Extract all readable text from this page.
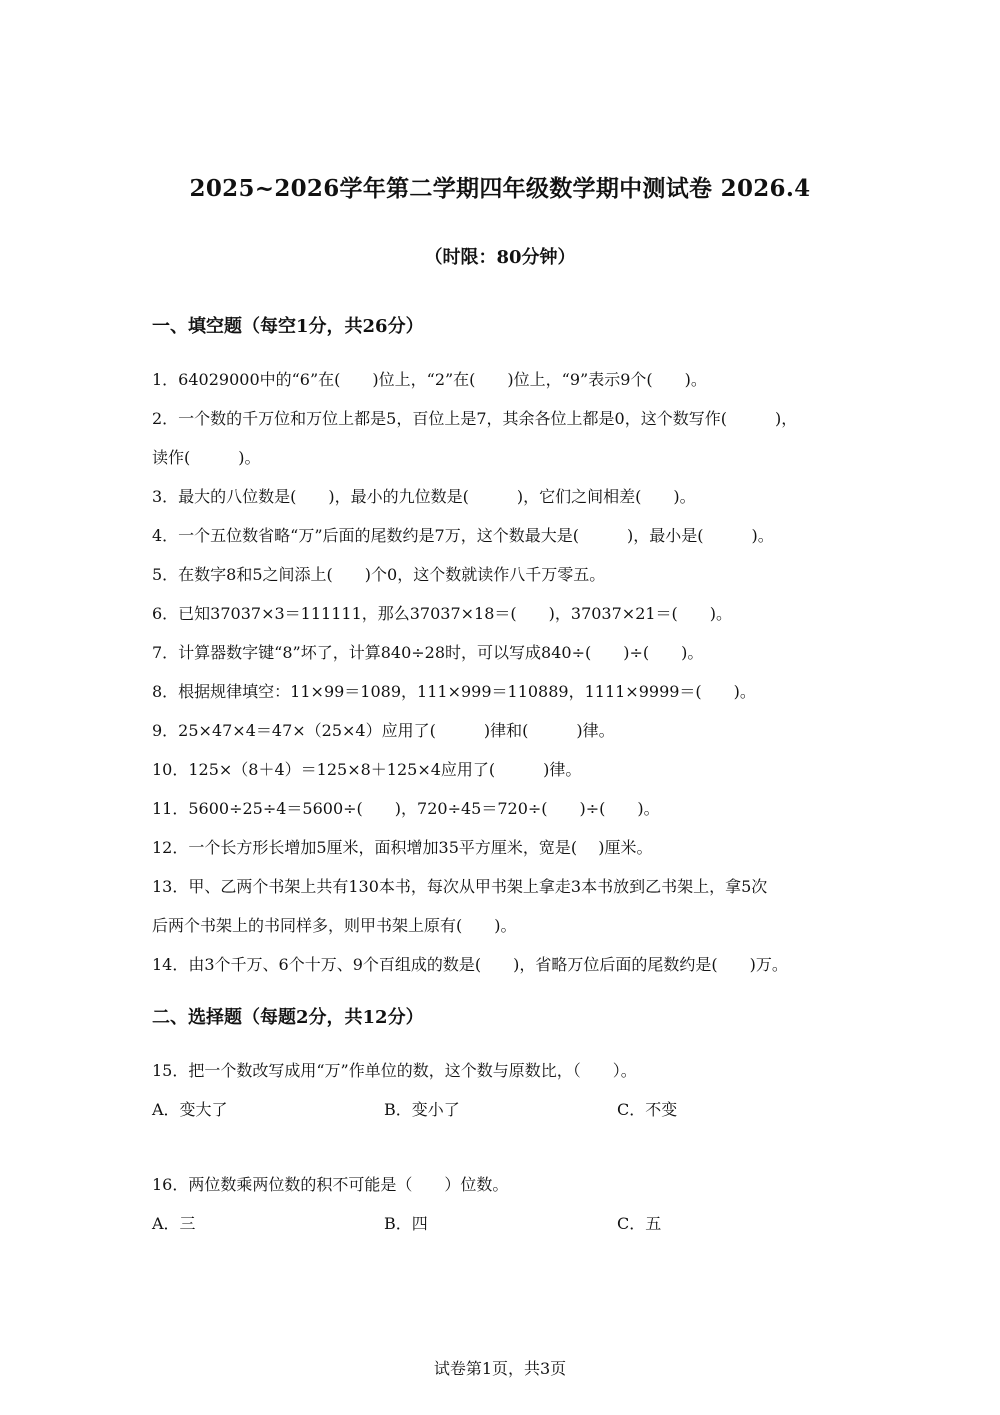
2025~2026学年第二学期四年级数学期中测试卷 2026.4
（时限：80分钟）
一、填空题（每空1分，共26分）
1．64029000中的“6”在(　　)位上，“2”在(　　)位上，“9”表示9个(　　)。
2．一个数的千万位和万位上都是5，百位上是7，其余各位上都是0，这个数写作(　　　)，
读作(　　　)。
3．最大的八位数是(　　)，最小的九位数是(　　　)，它们之间相差(　　)。
4．一个五位数省略“万”后面的尾数约是7万，这个数最大是(　　　)，最小是(　　　)。
5．在数字8和5之间添上(　　)个0，这个数就读作八千万零五。
6．已知37037×3＝111111，那么37037×18＝(　　)，37037×21＝(　　)。
7．计算器数字键“8”坏了，计算840÷28时，可以写成840÷(　　)÷(　　)。
8．根据规律填空：11×99＝1089，111×999＝110889，1111×9999＝(　　)。
9．25×47×4＝47×（25×4）应用了(　　　)律和(　　　)律。
10．125×（8＋4）＝125×8＋125×4应用了(　　　)律。
11．5600÷25÷4＝5600÷(　　)，720÷45＝720÷(　　)÷(　　)。
12．一个长方形长增加5厘米，面积增加35平方厘米，宽是(　 )厘米。
13．甲、乙两个书架上共有130本书，每次从甲书架上拿走3本书放到乙书架上，拿5次
后两个书架上的书同样多，则甲书架上原有(　　)。
14．由3个千万、6个十万、9个百组成的数是(　　)，省略万位后面的尾数约是(　　)万。
二、选择题（每题2分，共12分）
15．把一个数改写成用“万”作单位的数，这个数与原数比，（　　）。
A．变大了	B．变小了	C．不变
16．两位数乘两位数的积不可能是（　　）位数。
A．三	B．四	C．五
试卷第1页，共3页
